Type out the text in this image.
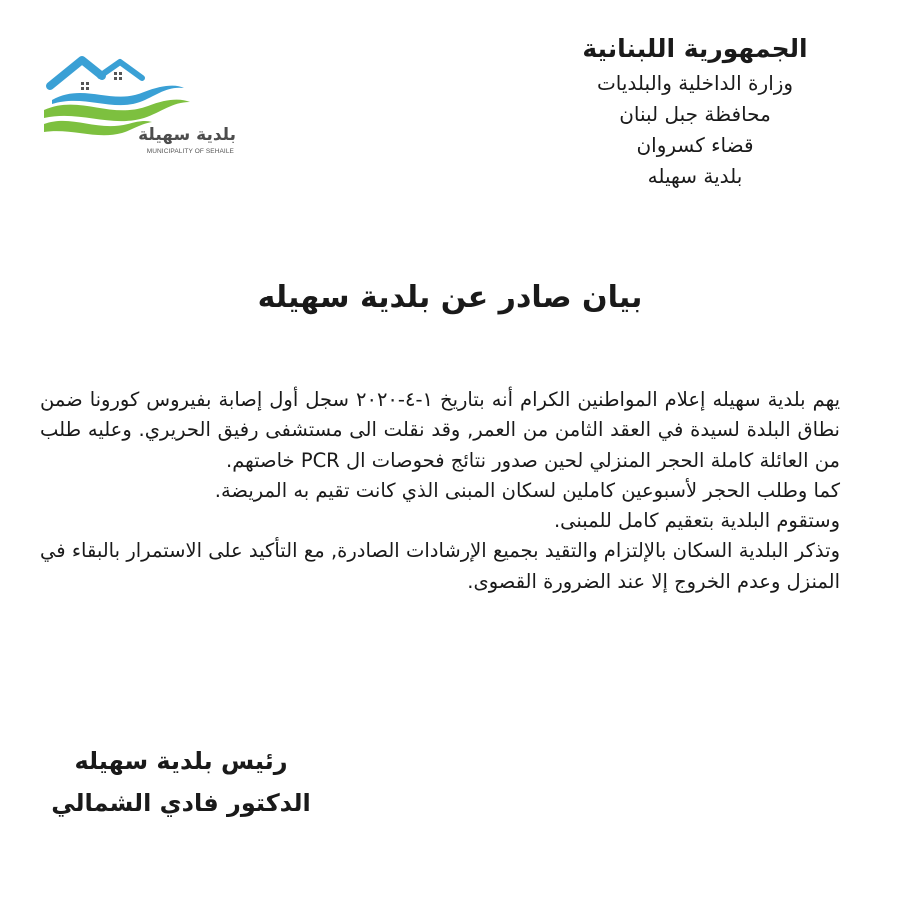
الجمهورية اللبنانية
وزارة الداخلية والبلديات
محافظة جبل لبنان
قضاء كسروان
بلدية سهيله
بلدية سهيلة
MUNICIPALITY OF SEHAILE
بيان صادر عن بلدية سهيله

يهم بلدية سهيله إعلام المواطنين الكرام أنه بتاريخ ١-٤-٢٠٢٠ سجل أول إصابة بفيروس كورونا ضمن نطاق البلدة لسيدة في العقد الثامن من العمر, وقد نقلت الى مستشفى رفيق الحريري. وعليه طلب من العائلة كاملة الحجر المنزلي لحين صدور نتائج فحوصات ال PCR خاصتهم.

كما وطلب الحجر لأسبوعين كاملين لسكان المبنى الذي كانت تقيم به المريضة.

وستقوم البلدية بتعقيم كامل للمبنى.

وتذكر البلدية السكان بالإلتزام والتقيد بجميع الإرشادات الصادرة, مع التأكيد على الاستمرار بالبقاء في المنزل وعدم الخروج إلا عند الضرورة القصوى.

رئيس بلدية سهيله
الدكتور فادي الشمالي
